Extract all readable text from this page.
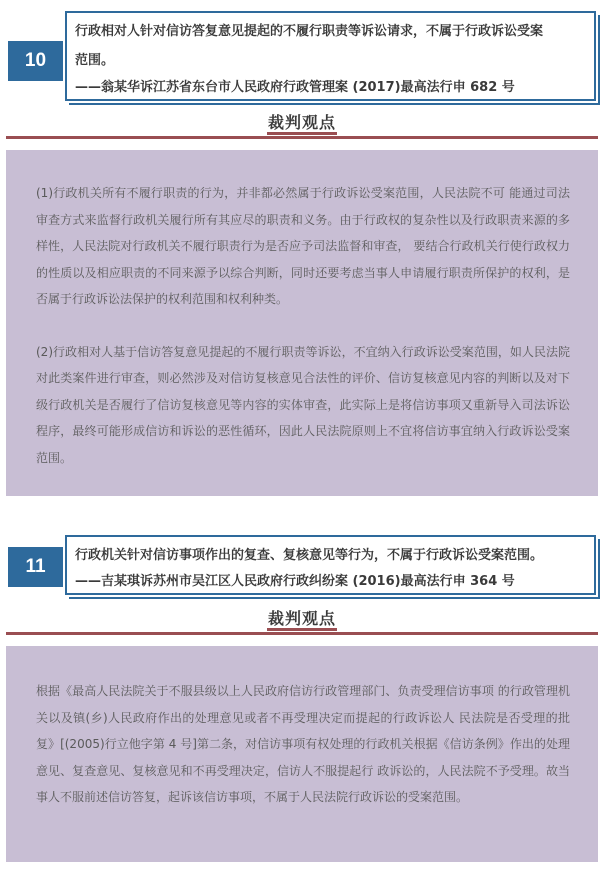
10
行政相对人针对信访答复意见提起的不履行职责等诉讼请求，不属于行政诉讼受案
范围。
——翁某华诉江苏省东台市人民政府行政管理案 (2017)最高法行申 682 号
裁判观点

(1)行政机关所有不履行职责的行为，并非都必然属于行政诉讼受案范围，人民法院不可 能通过司法审查方式来监督行政机关履行所有其应尽的职责和义务。由于行政权的复杂性以及行政职责来源的多样性，人民法院对行政机关不履行职责行为是否应予司法监督和审查， 要结合行政机关行使行政权力的性质以及相应职责的不同来源予以综合判断，同时还要考虑当事人申请履行职责所保护的权利，是否属于行政诉讼法保护的权利范围和权利种类。

(2)行政相对人基于信访答复意见提起的不履行职责等诉讼，不宜纳入行政诉讼受案范围，如人民法院对此类案件进行审查，则必然涉及对信访复核意见合法性的评价、信访复核意见内容的判断以及对下级行政机关是否履行了信访复核意见等内容的实体审查，此实际上是将信访事项又重新导入司法诉讼程序，最终可能形成信访和诉讼的恶性循环，因此人民法院原则上不宜将信访事宜纳入行政诉讼受案范围。

11
行政机关针对信访事项作出的复查、复核意见等行为，不属于行政诉讼受案范围。
——吉某琪诉苏州市吴江区人民政府行政纠纷案 (2016)最高法行申 364 号
裁判观点

根据《最高人民法院关于不服县级以上人民政府信访行政管理部门、负责受理信访事项 的行政管理机关以及镇(乡)人民政府作出的处理意见或者不再受理决定而提起的行政诉讼人 民法院是否受理的批复》[(2005)行立他字第 4 号]第二条，对信访事项有权处理的行政机关根据《信访条例》作出的处理意见、复查意见、复核意见和不再受理决定，信访人不服提起行 政诉讼的，人民法院不予受理。故当事人不服前述信访答复，起诉该信访事项，不属于人民法院行政诉讼的受案范围。
